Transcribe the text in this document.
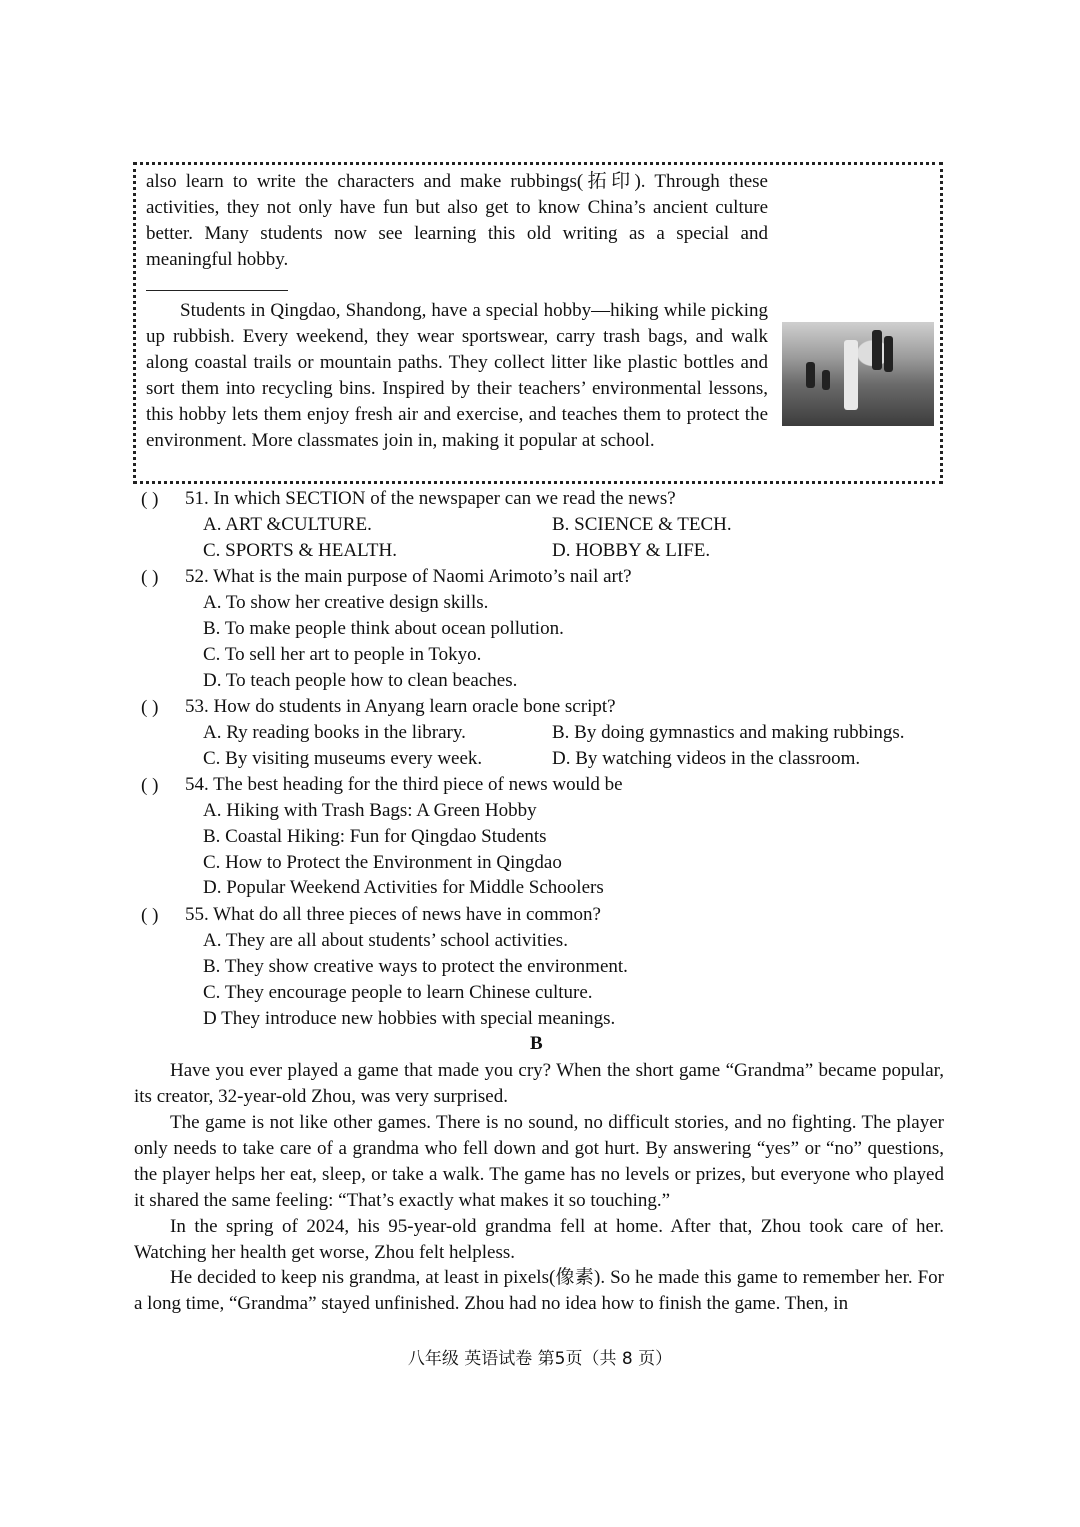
also learn to write the characters and make rubbings(拓印). Through these activities, they not only have fun but also get to know China’s ancient culture better. Many students now see learning this old writing as a special and meaningful hobby.
Students in Qingdao, Shandong, have a special hobby—hiking while picking up rubbish. Every weekend, they wear sportswear, carry trash bags, and walk along coastal trails or mountain paths. They collect litter like plastic bottles and sort them into recycling bins. Inspired by their teachers’ environmental lessons, this hobby lets them enjoy fresh air and exercise, and teaches them to protect the environment. More classmates join in, making it popular at school.
( ) 51. In which SECTION of the newspaper can we read the news?
A. ART &CULTURE.	B. SCIENCE & TECH.
C. SPORTS & HEALTH.	D. HOBBY & LIFE.
( ) 52. What is the main purpose of Naomi Arimoto’s nail art?
A. To show her creative design skills.
B. To make people think about ocean pollution.
C. To sell her art to people in Tokyo.
D. To teach people how to clean beaches.
( ) 53. How do students in Anyang learn oracle bone script?
A. Ry reading books in the library.	B. By doing gymnastics and making rubbings.
C. By visiting museums every week.	D. By watching videos in the classroom.
( ) 54. The best heading for the third piece of news would be
A. Hiking with Trash Bags: A Green Hobby
B. Coastal Hiking: Fun for Qingdao Students
C. How to Protect the Environment in Qingdao
D. Popular Weekend Activities for Middle Schoolers
( ) 55. What do all three pieces of news have in common?
A. They are all about students’ school activities.
B. They show creative ways to protect the environment.
C. They encourage people to learn Chinese culture.
D They introduce new hobbies with special meanings.
B
Have you ever played a game that made you cry? When the short game “Grandma” became popular, its creator, 32-year-old Zhou, was very surprised.
The game is not like other games. There is no sound, no difficult stories, and no fighting. The player only needs to take care of a grandma who fell down and got hurt. By answering “yes” or “no” questions, the player helps her eat, sleep, or take a walk. The game has no levels or prizes, but everyone who played it shared the same feeling: “That’s exactly what makes it so touching.”
In the spring of 2024, his 95-year-old grandma fell at home. After that, Zhou took care of her. Watching her health get worse, Zhou felt helpless.
He decided to keep nis grandma, at least in pixels(像素). So he made this game to remember her. For a long time, “Grandma” stayed unfinished. Zhou had no idea how to finish the game. Then, in
八年级 英语试卷 第5页（共 8 页）
